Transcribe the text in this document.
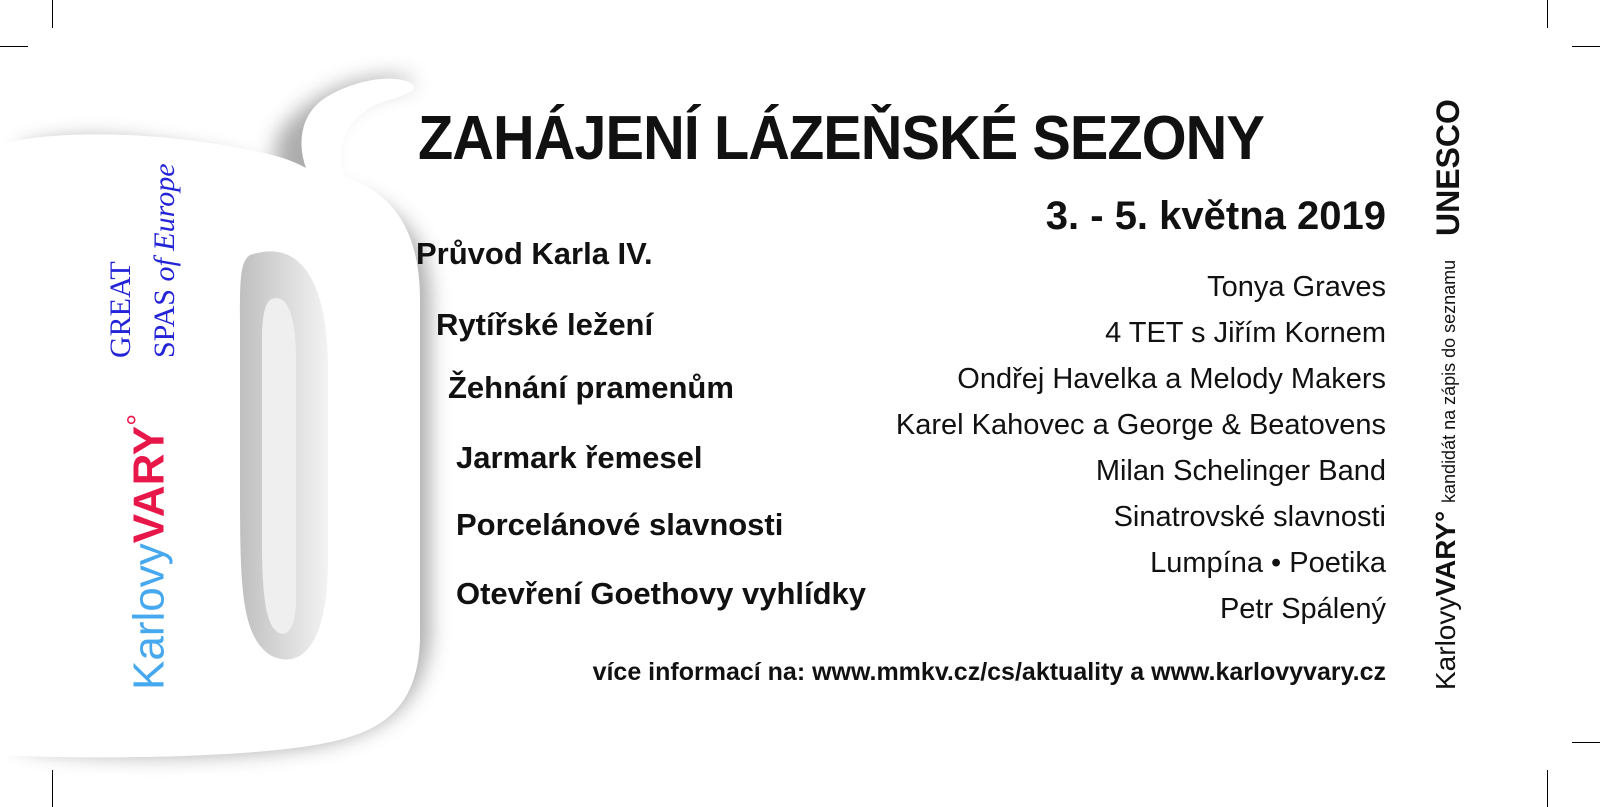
KarlovyVARY°
GREAT SPAS of Europe
ZAHÁJENÍ LÁZEŇSKÉ SEZONY
3. - 5. května 2019
Průvod Karla IV.
Rytířské ležení
Žehnání pramenům
Jarmark řemesel
Porcelánové slavnosti
Otevření Goethovy vyhlídky
Tonya Graves
4 TET s Jiřím Kornem
Ondřej Havelka a Melody Makers
Karel Kahovec a George & Beatovens
Milan Schelinger Band
Sinatrovské slavnosti
Lumpína • Poetika
Petr Spálený
více informací na: www.mmkv.cz/cs/aktuality a www.karlovyvary.cz KarlovyVARY° kandidát na zápis do seznamu
UNESCO
